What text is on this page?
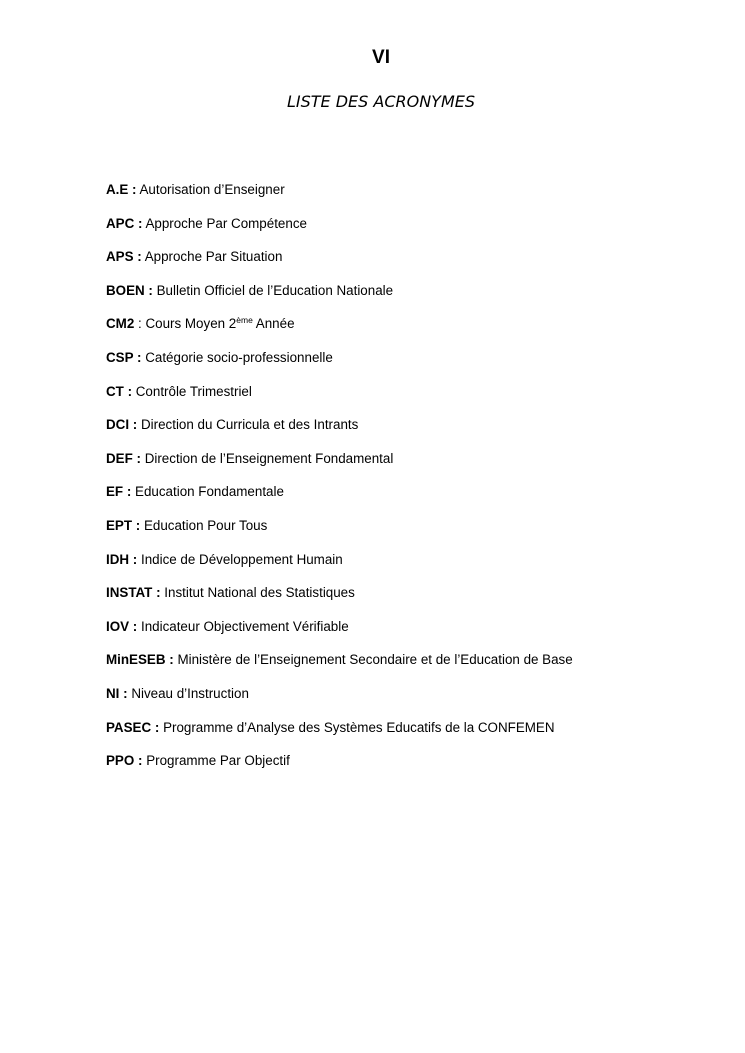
VI
LISTE DES ACRONYMES
A.E : Autorisation d’Enseigner
APC : Approche Par Compétence
APS : Approche Par Situation
BOEN : Bulletin Officiel de l’Education Nationale
CM2 : Cours Moyen 2ème Année
CSP : Catégorie socio-professionnelle
CT : Contrôle Trimestriel
DCI : Direction du Curricula et des Intrants
DEF : Direction de l’Enseignement Fondamental
EF : Education Fondamentale
EPT : Education Pour Tous
IDH : Indice de Développement Humain
INSTAT : Institut National des Statistiques
IOV : Indicateur Objectivement Vérifiable
MinESEB : Ministère de l’Enseignement Secondaire et de l’Education de Base
NI : Niveau d’Instruction
PASEC : Programme d’Analyse des Systèmes Educatifs de la CONFEMEN
PPO : Programme Par Objectif
